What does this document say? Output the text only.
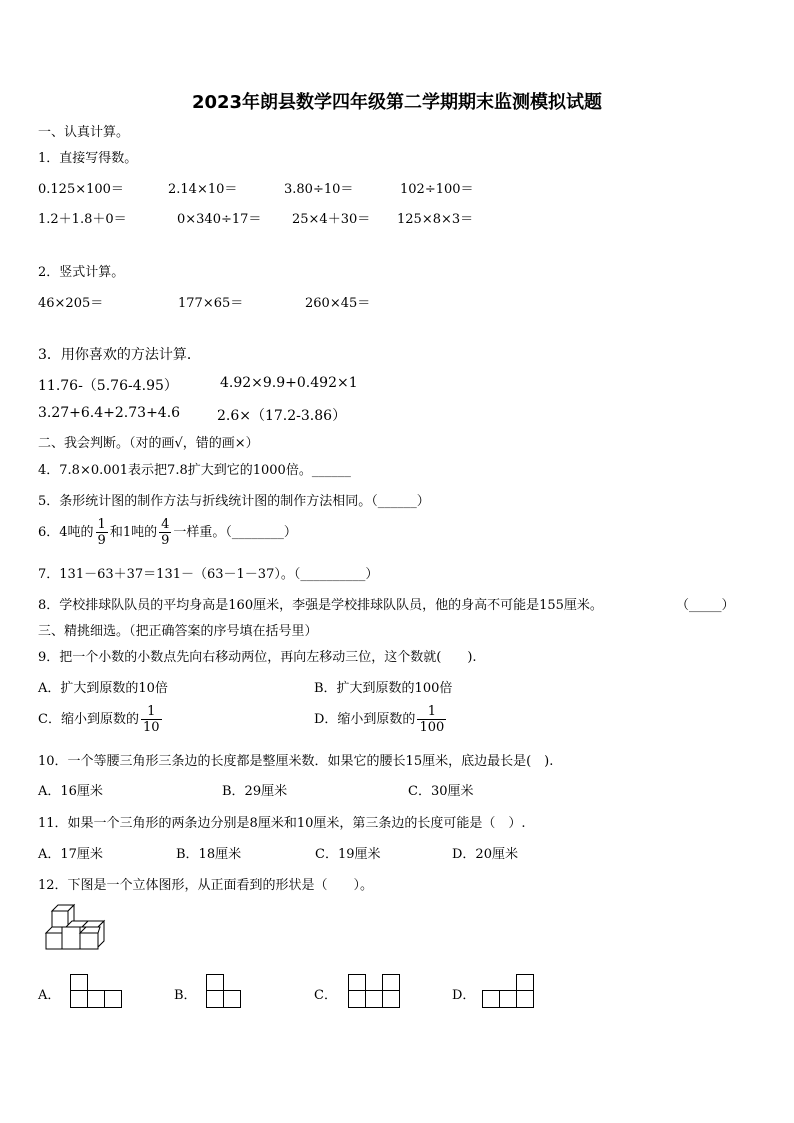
2023年朗县数学四年级第二学期期末监测模拟试题
一、认真计算。
1．直接写得数。
0.125×100＝	2.14×10＝	3.80÷10＝	102÷100＝
1.2＋1.8＋0＝	0×340÷17＝ 25×4＋30＝ 125×8×3＝
2．竖式计算。
46×205＝	177×65＝	260×45＝
3．用你喜欢的方法计算．
11.76-（5.76-4.95）	4.92×9.9+0.492×1
3.27+6.4+2.73+4.6	2.6×（17.2-3.86）
二、我会判断。（对的画√，错的画×）
4．7.8×0.001表示把7.8扩大到它的1000倍。______
5．条形统计图的制作方法与折线统计图的制作方法相同。（______）
6．4吨的 $\frac{1}{9}$ 和1吨的 $\frac{4}{9}$ 一样重。（________）
7．131－63＋37＝131－（63－1－37）。（__________）
8．学校排球队队员的平均身高是160厘米，李强是学校排球队队员，他的身高不可能是155厘米。	（_____）
三、精挑细选。（把正确答案的序号填在括号里）
9．把一个小数的小数点先向右移动两位，再向左移动三位，这个数就(　　).
A．扩大到原数的10倍	B．扩大到原数的100倍
C．缩小到原数的 $\frac{1}{10}$	D．缩小到原数的 $\frac{1}{100}$
10．一个等腰三角形三条边的长度都是整厘米数．如果它的腰长15厘米，底边最长是(　).
A．16厘米	B．29厘米	C．30厘米
11．如果一个三角形的两条边分别是8厘米和10厘米，第三条边的长度可能是（　）.
A．17厘米	B．18厘米	C．19厘米	D．20厘米
12．下图是一个立体图形，从正面看到的形状是（　　）。
A．	B．	C．	D．
